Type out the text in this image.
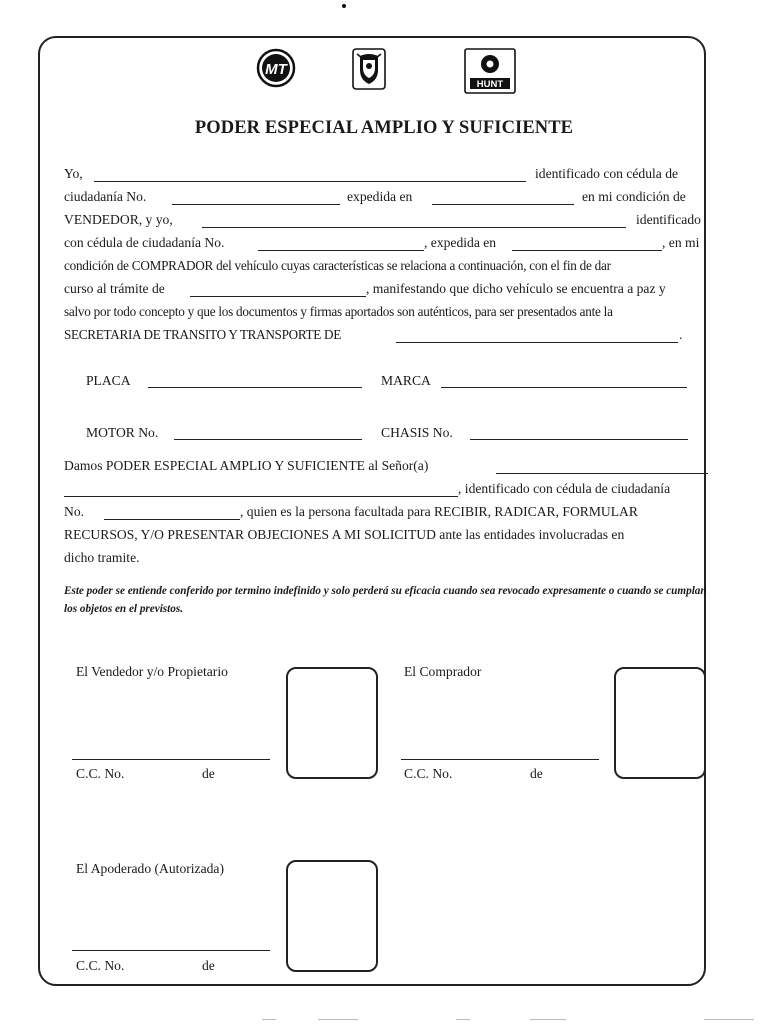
MT
HUNT
PODER ESPECIAL AMPLIO Y SUFICIENTE
Yo,	identificado con cédula de
ciudadanía No.	expedida en	en mi condición de
VENDEDOR, y yo,	identificado
con cédula de ciudadanía No.	, expedida en	, en mi
condición de COMPRADOR del vehículo cuyas características se relaciona a continuación, con el fin de dar
curso al trámite de	, manifestando que dicho vehículo se encuentra a paz y
salvo por todo concepto y que los documentos y firmas aportados son auténticos, para ser presentados ante la
SECRETARIA DE TRANSITO Y TRANSPORTE DE	.
PLACA	MARCA
MOTOR No.	CHASIS No.
Damos PODER ESPECIAL AMPLIO Y SUFICIENTE al Señor(a)
, identificado con cédula de ciudadanía
No.	, quien es la persona facultada para RECIBIR, RADICAR, FORMULAR
RECURSOS, Y/O PRESENTAR OBJECIONES A MI SOLICITUD ante las entidades involucradas en
dicho tramite.
Este poder se entiende conferido por termino indefinido y solo perderá su eficacia cuando sea revocado expresamente o cuando se cumplan los objetos en el previstos.
El Vendedor y/o Propietario
C.C. No.	de
El Comprador
C.C. No.	de
El Apoderado (Autorizada)
C.C. No.	de
